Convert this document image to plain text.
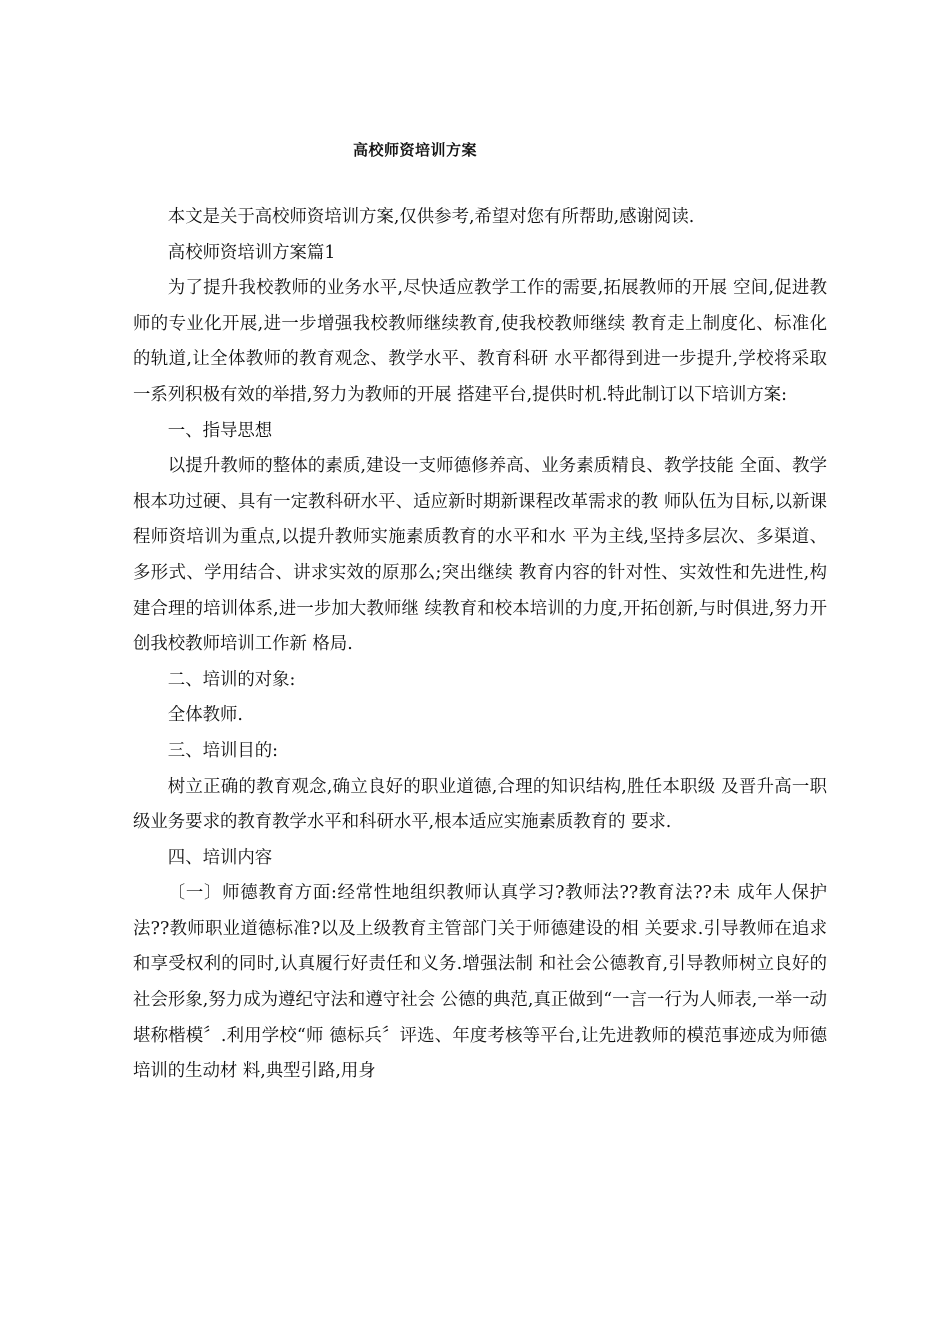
高校师资培训方案

本文是关于高校师资培训方案,仅供参考,希望对您有所帮助,感谢阅读.

高校师资培训方案篇1

为了提升我校教师的业务水平,尽快适应教学工作的需要,拓展教师的开展 空间,促进教师的专业化开展,进一步增强我校教师继续教育,使我校教师继续 教育走上制度化、标准化的轨道,让全体教师的教育观念、教学水平、教育科研 水平都得到进一步提升,学校将采取一系列积极有效的举措,努力为教师的开展 搭建平台,提供时机.特此制订以下培训方案:

一、指导思想

以提升教师的整体的素质,建设一支师德修养高、业务素质精良、教学技能 全面、教学根本功过硬、具有一定教科研水平、适应新时期新课程改革需求的教 师队伍为目标,以新课程师资培训为重点,以提升教师实施素质教育的水平和水 平为主线,坚持多层次、多渠道、多形式、学用结合、讲求实效的原那么;突出继续 教育内容的针对性、实效性和先进性,构建合理的培训体系,进一步加大教师继 续教育和校本培训的力度,开拓创新,与时俱进,努力开创我校教师培训工作新 格局.

二、培训的对象:

全体教师.

三、培训目的:

树立正确的教育观念,确立良好的职业道德,合理的知识结构,胜任本职级 及晋升高一职级业务要求的教育教学水平和科研水平,根本适应实施素质教育的 要求.

四、培训内容

〔一〕师德教育方面:经常性地组织教师认真学习?教师法??教育法??未 成年人保护法??教师职业道德标准?以及上级教育主管部门关于师德建设的相 关要求.引导教师在追求和享受权利的同时,认真履行好责任和义务.增强法制 和社会公德教育,引导教师树立良好的社会形象,努力成为遵纪守法和遵守社会 公德的典范,真正做到“一言一行为人师表,一举一动堪称楷模〞.利用学校“师 德标兵〞评选、年度考核等平台,让先进教师的模范事迹成为师德培训的生动材 料,典型引路,用身
